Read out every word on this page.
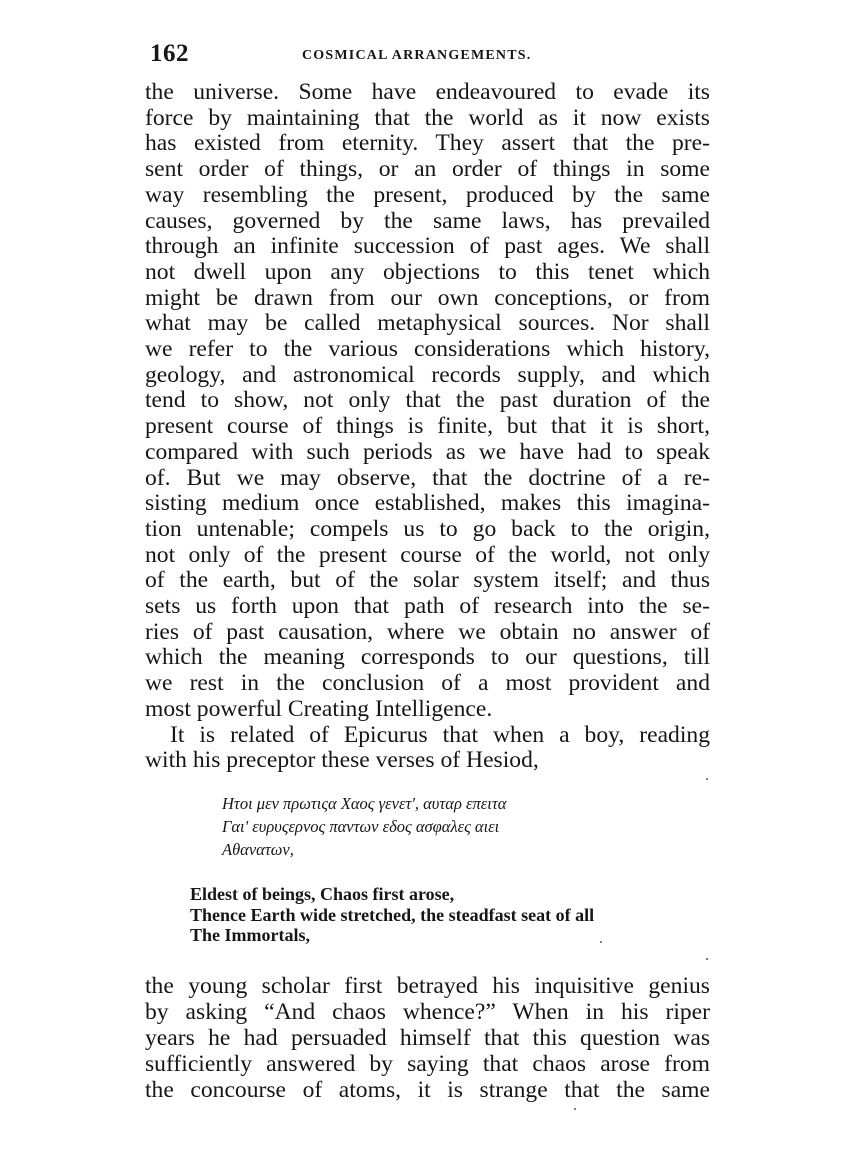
162	COSMICAL ARRANGEMENTS.
the universe. Some have endeavoured to evade its
force by maintaining that the world as it now exists
has existed from eternity. They assert that the pre-
sent order of things, or an order of things in some
way resembling the present, produced by the same
causes, governed by the same laws, has prevailed
through an infinite succession of past ages. We shall
not dwell upon any objections to this tenet which
might be drawn from our own conceptions, or from
what may be called metaphysical sources. Nor shall
we refer to the various considerations which history,
geology, and astronomical records supply, and which
tend to show, not only that the past duration of the
present course of things is finite, but that it is short,
compared with such periods as we have had to speak
of. But we may observe, that the doctrine of a re-
sisting medium once established, makes this imagina-
tion untenable; compels us to go back to the origin,
not only of the present course of the world, not only
of the earth, but of the solar system itself; and thus
sets us forth upon that path of research into the se-
ries of past causation, where we obtain no answer of
which the meaning corresponds to our questions, till
we rest in the conclusion of a most provident and
most powerful Creating Intelligence.
It is related of Epicurus that when a boy, reading
with his preceptor these verses of Hesiod,
Ητοι μεν πρωτιςα Χαος γενετ', αυταρ επειτα
Γαι' ευρυςερνος παντων εδος ασφαλες αιει
Αθανατων,
Eldest of beings, Chaos first arose,
Thence Earth wide stretched, the steadfast seat of all
The Immortals,
the young scholar first betrayed his inquisitive genius
by asking “And chaos whence?” When in his riper
years he had persuaded himself that this question was
sufficiently answered by saying that chaos arose from
the concourse of atoms, it is strange that the same
